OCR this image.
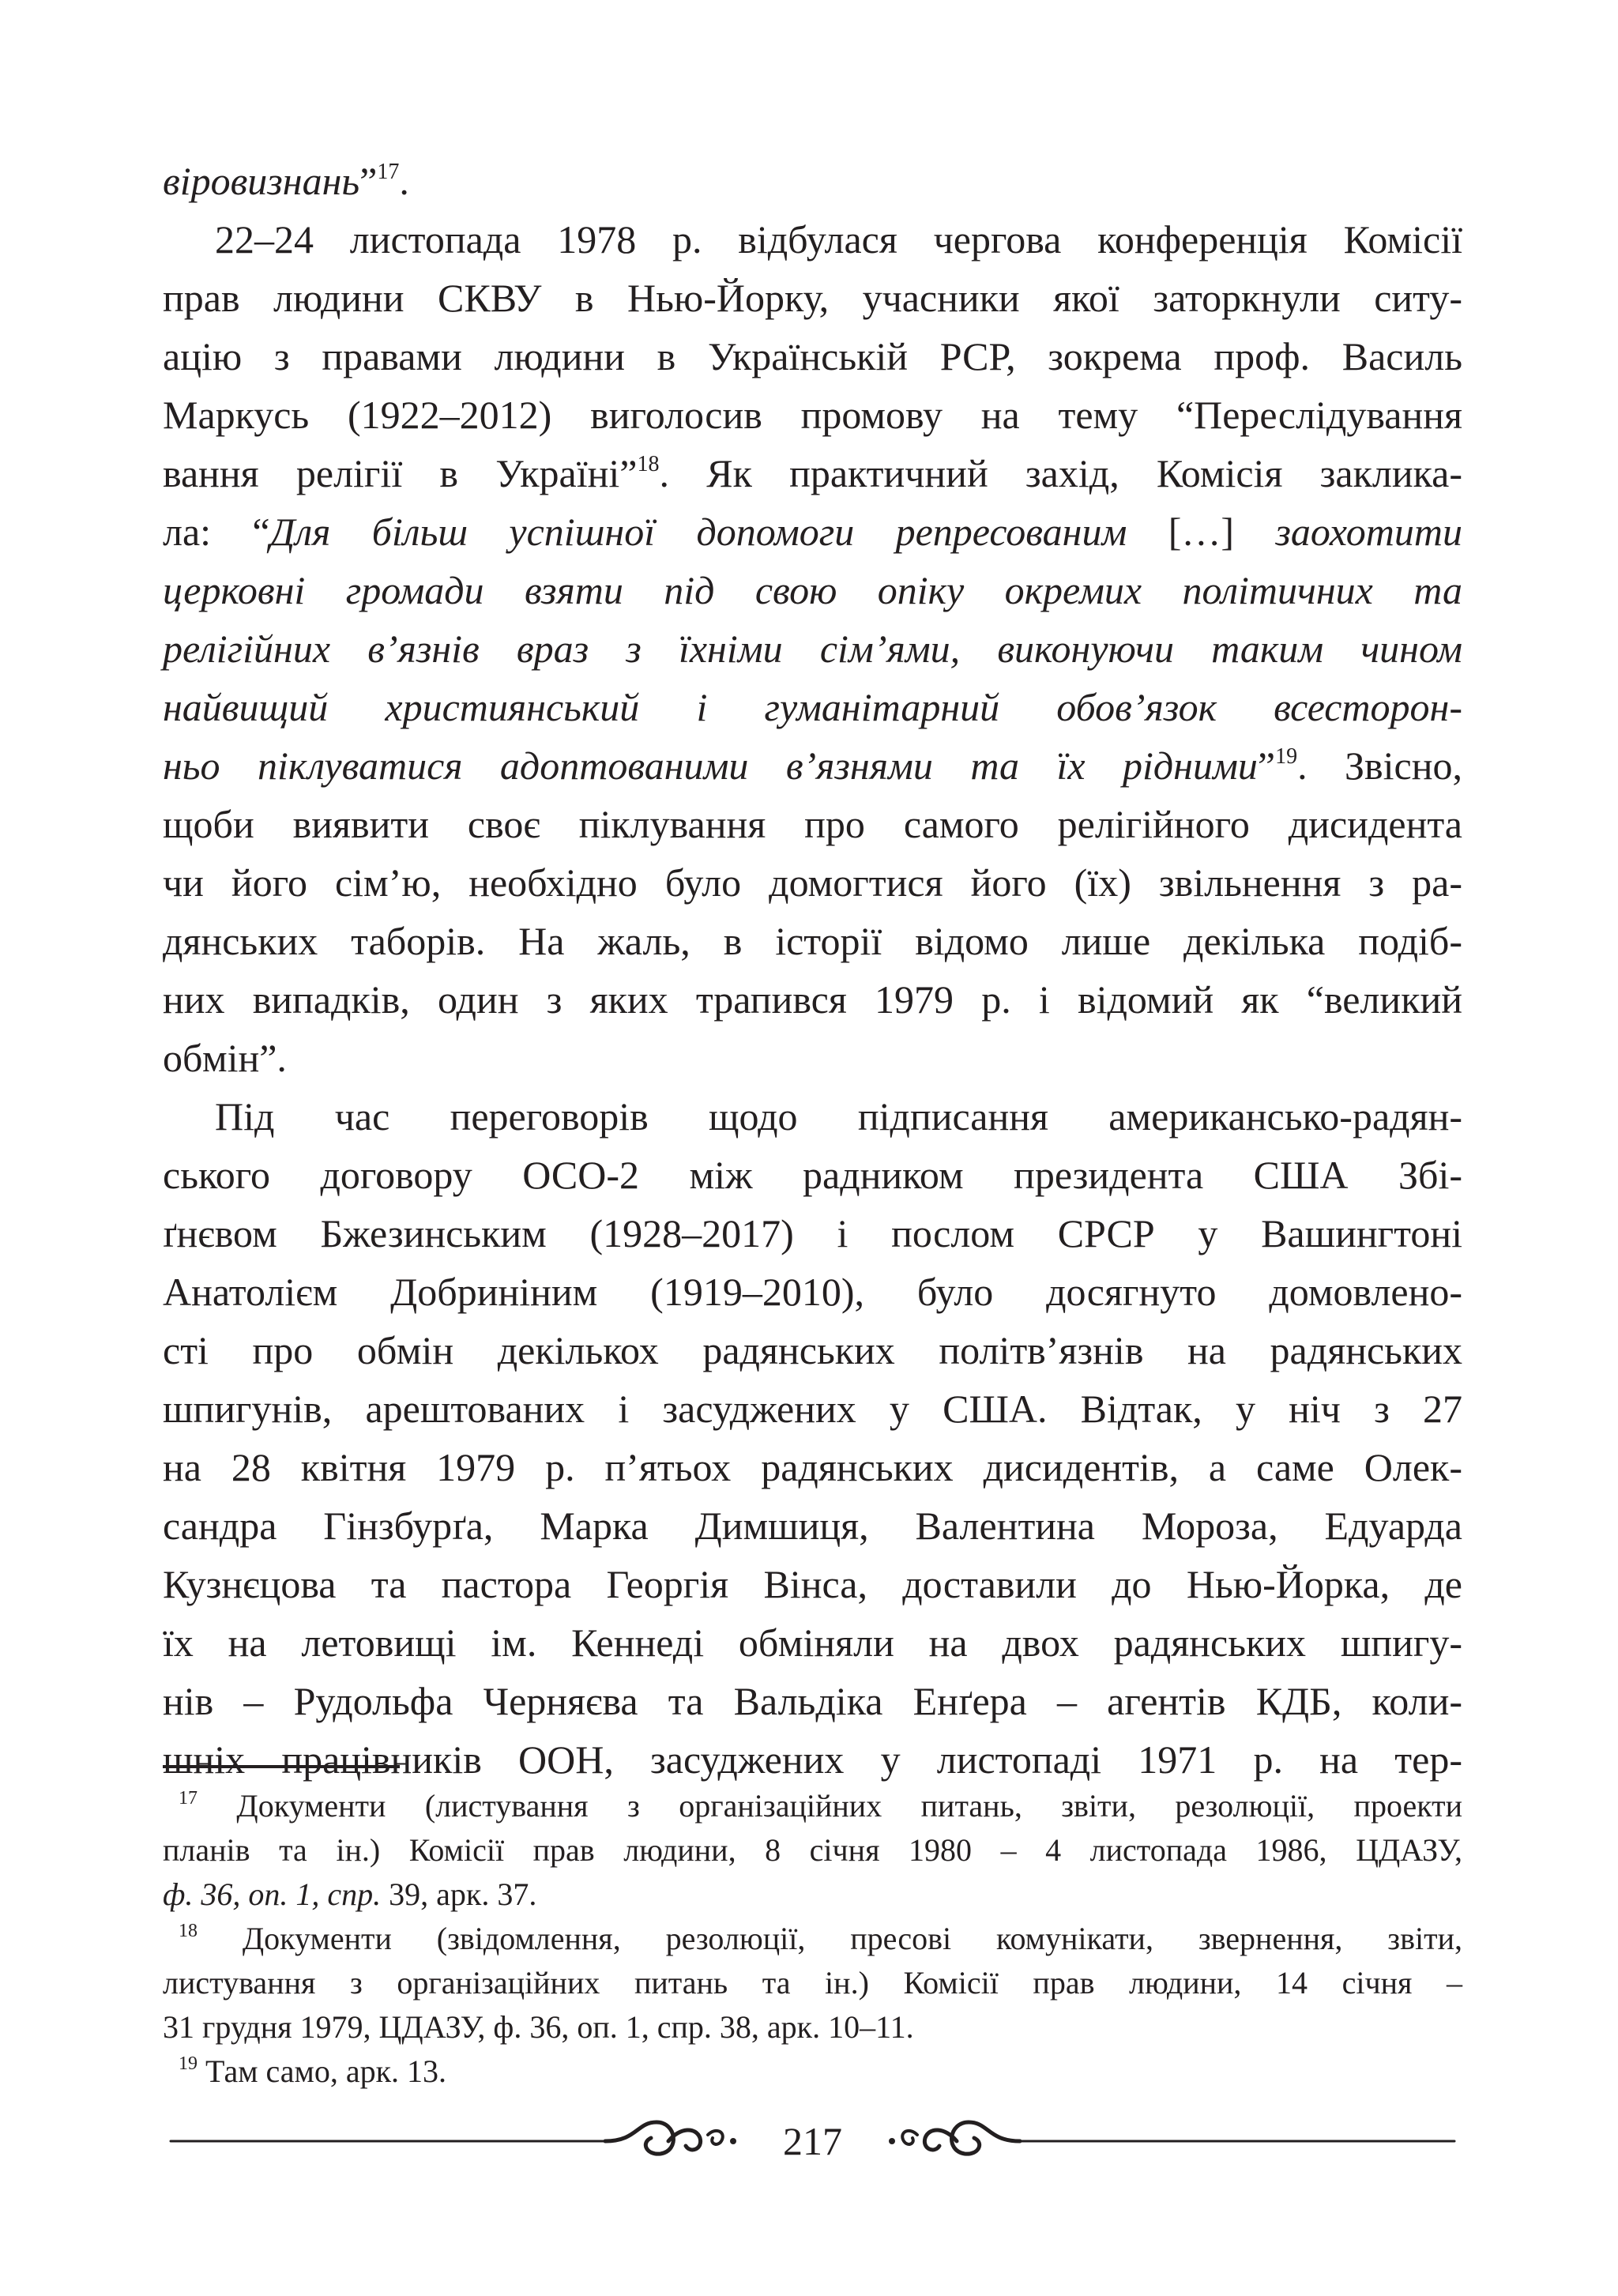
віровизнань”$^{17}$.
22–24 листопада 1978 р. відбулася чергова конференція Комісії
прав людини СКВУ в Нью-Йорку, учасники якої заторкнули ситу-
ацію з правами людини в Українській РСР, зокрема проф. Василь
Маркусь (1922–2012) виголосив промову на тему “Переслідування
вання релігії в Україні”$^{18}$. Як практичний захід, Комісія заклика-
ла: “Для більш успішної допомоги репресованим […] заохотити
церковні громади взяти під свою опіку окремих політичних та
релігійних в’язнів враз з їхніми сім’ями, виконуючи таким чином
найвищий християнський і гуманітарний обов’язок всесторон-
ньо піклуватися адоптованими в’язнями та їх рідними”$^{19}$. Звісно,
щоби виявити своє піклування про самого релігійного дисидента
чи його сім’ю, необхідно було домогтися його (їх) звільнення з ра-
дянських таборів. На жаль, в історії відомо лише декілька подіб-
них випадків, один з яких трапився 1979 р. і відомий як “великий
обмін”.
Під час переговорів щодо підписання американсько-радян-
ського договору ОСО-2 між радником президента США Збі-
ґнєвом Бжезинським (1928–2017) і послом СРСР у Вашингтоні
Анатолієм Добриніним (1919–2010), було досягнуто домовлено-
сті про обмін декількох радянських політв’язнів на радянських
шпигунів, арештованих і засуджених у США. Відтак, у ніч з 27
на 28 квітня 1979 р. п’ятьох радянських дисидентів, а саме Олек-
сандра Гінзбурґа, Марка Димшиця, Валентина Мороза, Едуарда
Кузнєцова та пастора Георгія Вінса, доставили до Нью-Йорка, де
їх на летовищі ім. Кеннеді обміняли на двох радянських шпигу-
нів – Рудольфа Черняєва та Вальдіка Енґера – агентів КДБ, коли-
шніх працівників ООН, засуджених у листопаді 1971 р. на тер-
$^{17}$ Документи (листування з організаційних питань, звіти, резолюції, проекти
планів та ін.) Комісії прав людини, 8 січня 1980 – 4 листопада 1986, ЦДАЗУ,
ф. 36, оп. 1, спр. 39, арк. 37.
$^{18}$ Документи (звідомлення, резолюції, пресові комунікати, звернення, звіти,
листування з організаційних питань та ін.) Комісії прав людини, 14 січня –
31 грудня 1979, ЦДАЗУ, ф. 36, оп. 1, спр. 38, арк. 10–11.
$^{19}$ Там само, арк. 13.
217
